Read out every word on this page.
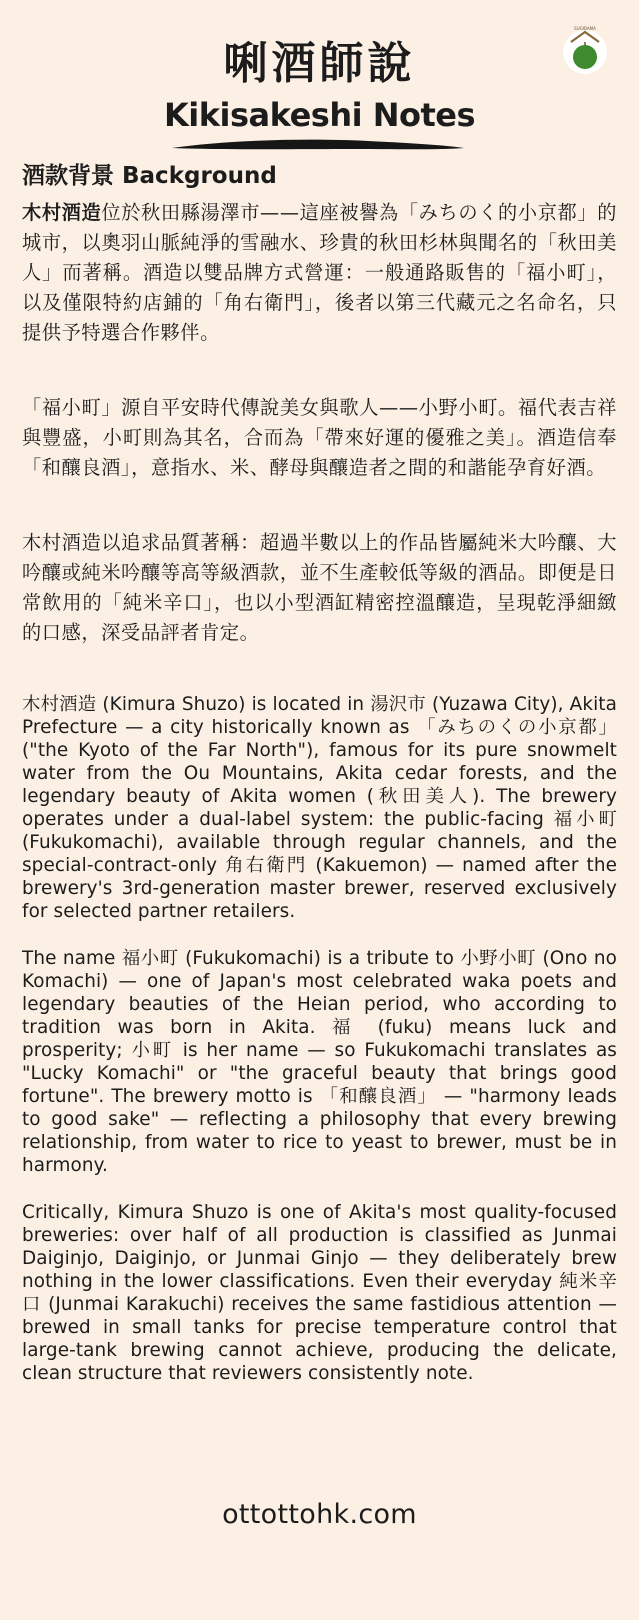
SUGIDAMA
唎酒師說
Kikisakeshi Notes
酒款背景 Background

木村酒造位於秋田縣湯澤市——這座被譽為「みちのく的小京都」的城市，以奧羽山脈純淨的雪融水、珍貴的秋田杉林與聞名的「秋田美人」而著稱。酒造以雙品牌方式營運：一般通路販售的「福小町」，以及僅限特約店鋪的「角右衛門」，後者以第三代藏元之名命名，只提供予特選合作夥伴。

「福小町」源自平安時代傳說美女與歌人——小野小町。福代表吉祥與豐盛，小町則為其名，合而為「帶來好運的優雅之美」。酒造信奉「和釀良酒」，意指水、米、酵母與釀造者之間的和諧能孕育好酒。

木村酒造以追求品質著稱：超過半數以上的作品皆屬純米大吟釀、大吟釀或純米吟釀等高等級酒款，並不生產較低等級的酒品。即便是日常飲用的「純米辛口」，也以小型酒缸精密控溫釀造，呈現乾淨細緻的口感，深受品評者肯定。

木村酒造 (Kimura Shuzo) is located in 湯沢市 (Yuzawa City), Akita Prefecture — a city historically known as 「みちのくの小京都」 ("the Kyoto of the Far North"), famous for its pure snowmelt water from the Ou Mountains, Akita cedar forests, and the legendary beauty of Akita women (秋田美人). The brewery operates under a dual-label system: the public-facing 福小町 (Fukukomachi), available through regular channels, and the special-contract-only 角右衛門 (Kakuemon) — named after the brewery's 3rd-generation master brewer, reserved exclusively for selected partner retailers.

The name 福小町 (Fukukomachi) is a tribute to 小野小町 (Ono no Komachi) — one of Japan's most celebrated waka poets and legendary beauties of the Heian period, who according to tradition was born in Akita. 福 (fuku) means luck and prosperity; 小町 is her name — so Fukukomachi translates as "Lucky Komachi" or "the graceful beauty that brings good fortune". The brewery motto is 「和釀良酒」 — "harmony leads to good sake" — reflecting a philosophy that every brewing relationship, from water to rice to yeast to brewer, must be in harmony.

Critically, Kimura Shuzo is one of Akita's most quality-focused breweries: over half of all production is classified as Junmai Daiginjo, Daiginjo, or Junmai Ginjo — they deliberately brew nothing in the lower classifications. Even their everyday 純米辛口 (Junmai Karakuchi) receives the same fastidious attention — brewed in small tanks for precise temperature control that large-tank brewing cannot achieve, producing the delicate, clean structure that reviewers consistently note.

ottottohk.com
